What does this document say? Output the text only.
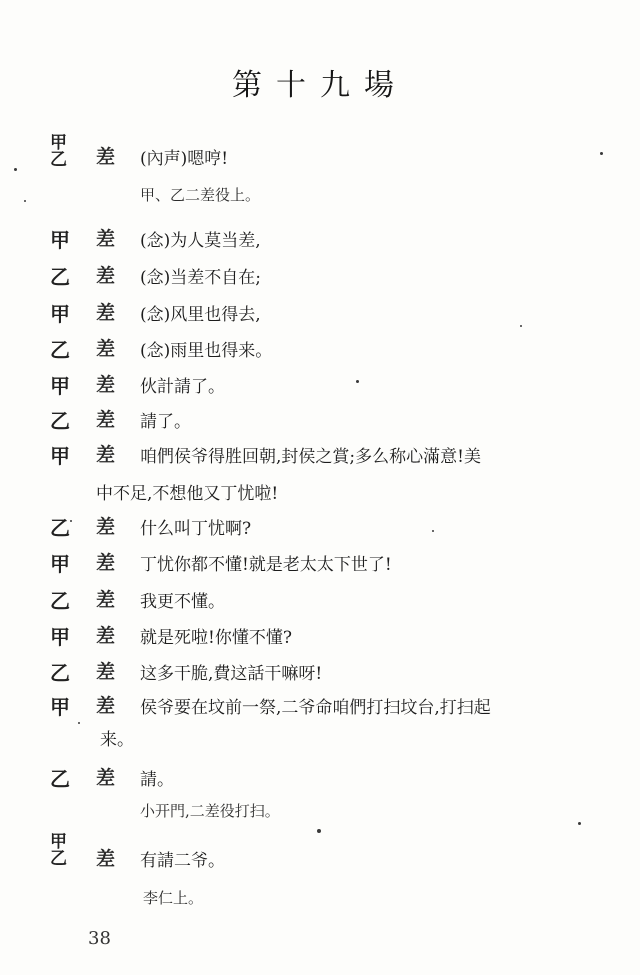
第十九場
甲
乙 差 (內声)嗯哼!
甲、乙二差役上。
甲 差 (念)为人莫当差,
乙 差 (念)当差不自在;
甲 差 (念)风里也得去,
乙 差 (念)雨里也得来。
甲 差 伙計請了。
乙 差 請了。
甲 差 咱們侯爷得胜回朝,封侯之賞;多么称心滿意!美
中不足,不想他又丁忧啦!
乙 差 什么叫丁忧啊?
甲 差 丁忧你都不懂!就是老太太下世了!
乙 差 我更不懂。
甲 差 就是死啦!你懂不懂?
乙 差 这多干脆,費这話干嘛呀!
甲 差 侯爷要在坟前一祭,二爷命咱們打扫坟台,打扫起
来。
乙 差 請。
小开門,二差役打扫。
甲
乙 差 有請二爷。
李仁上。
38
